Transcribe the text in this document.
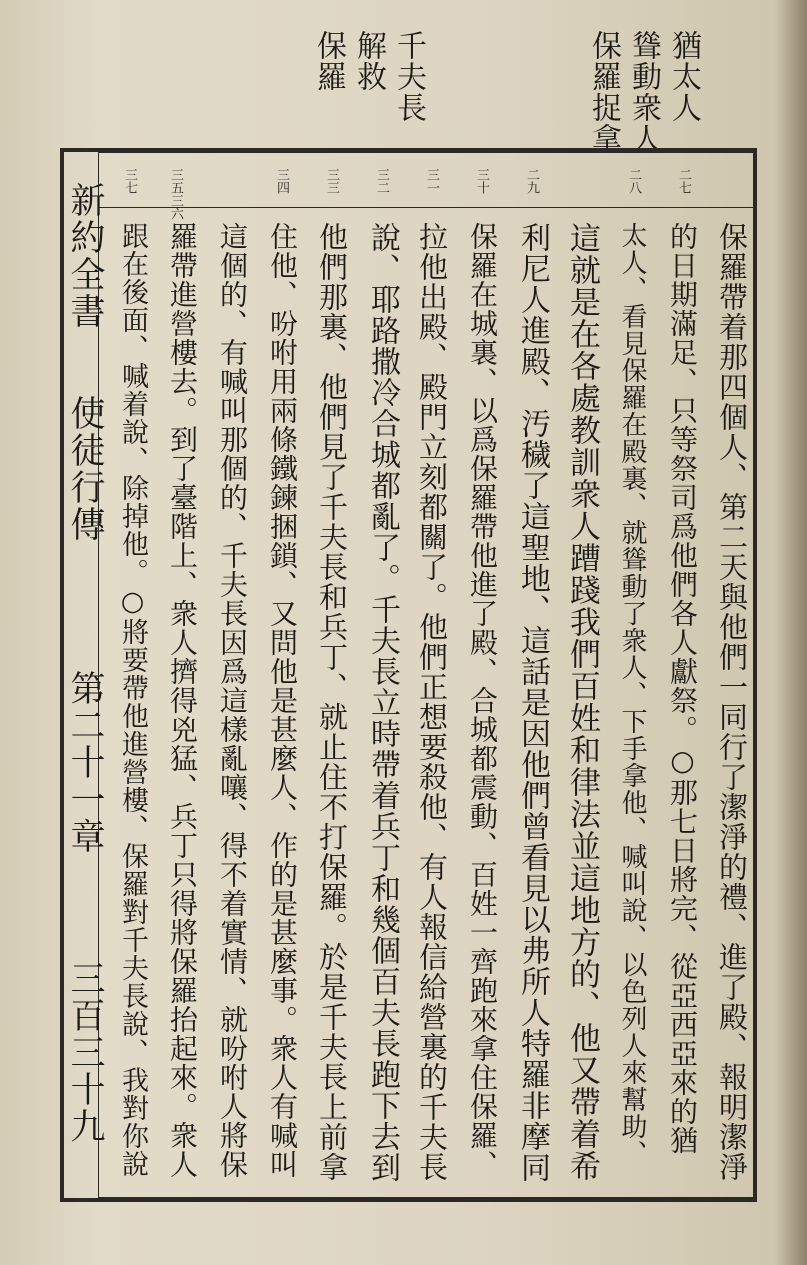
猶太人
聳動衆人
保羅捉拿
千夫長
解救
保羅
新約全書
使徒行傳
第二十一章
三百三十九
二七
二八
二九
三十
三一
三二
三三
三四
三五三六
三七
保羅帶着那四個人、第二天與他們一同行了潔淨的禮、進了殿、報明潔淨
的日期滿足、只等祭司爲他們各人獻祭。○那七日將完、從亞西亞來的猶
太人、看見保羅在殿裏、就聳動了衆人、下手拿他、喊叫說、以色列人來幫助、
這就是在各處教訓衆人蹧踐我們百姓和律法並這地方的、他又帶着希
利尼人進殿、汚穢了這聖地、這話是因他們曾看見以弗所人特羅非摩同
保羅在城裏、以爲保羅帶他進了殿、合城都震動、百姓一齊跑來拿住保羅、
拉他出殿、殿門立刻都關了。他們正想要殺他、有人報信給營裏的千夫長
說、耶路撒冷合城都亂了。千夫長立時帶着兵丁和幾個百夫長跑下去到
他們那裏、他們見了千夫長和兵丁、就止住不打保羅。於是千夫長上前拿
住他、吩咐用兩條鐵鍊捆鎖、又問他是甚麼人、作的是甚麼事。衆人有喊叫
這個的、有喊叫那個的、千夫長因爲這樣亂嚷、得不着實情、就吩咐人將保
羅帶進營樓去。到了臺階上、衆人擠得兇猛、兵丁只得將保羅抬起來。衆人
跟在後面、喊着說、除掉他。○將要帶他進營樓、保羅對千夫長說、我對你說
